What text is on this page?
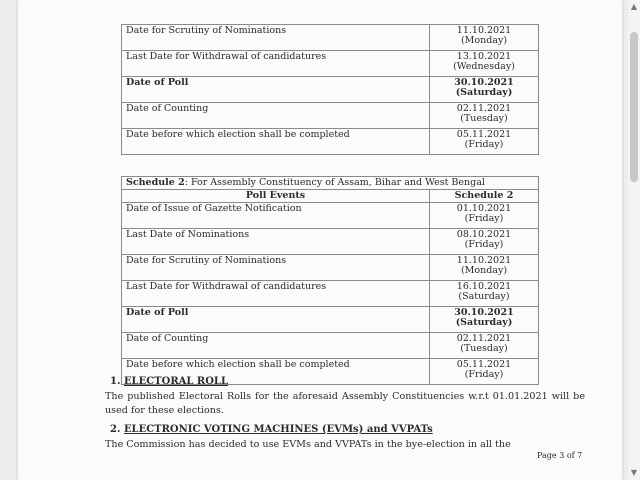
Date for Scrutiny of Nominations	11.10.2021
(Monday)

Last Date for Withdrawal of candidatures	13.10.2021
(Wednesday)

Date of Poll	30.10.2021
(Saturday)

Date of Counting	02.11.2021
(Tuesday)

Date before which election shall be completed	05.11.2021
(Friday)
Schedule 2: For Assembly Constituency of Assam, Bihar and West Bengal	
Poll Events	Schedule 2
Date of Issue of Gazette Notification	01.10.2021
(Friday)

Last Date of Nominations	08.10.2021
(Friday)

Date for Scrutiny of Nominations	11.10.2021
(Monday)

Last Date for Withdrawal of candidatures	16.10.2021
(Saturday)

Date of Poll	30.10.2021
(Saturday)

Date of Counting	02.11.2021
(Tuesday)

Date before which election shall be completed	05.11.2021
(Friday)
1. ELECTORAL ROLL
The published Electoral Rolls for the aforesaid Assembly Constituencies w.r.t 01.01.2021 will be used for these elections.
2. ELECTRONIC VOTING MACHINES (EVMs) and VVPATs
The Commission has decided to use EVMs and VVPATs in the bye-election in all the
Page 3 of 7
▲
▼
